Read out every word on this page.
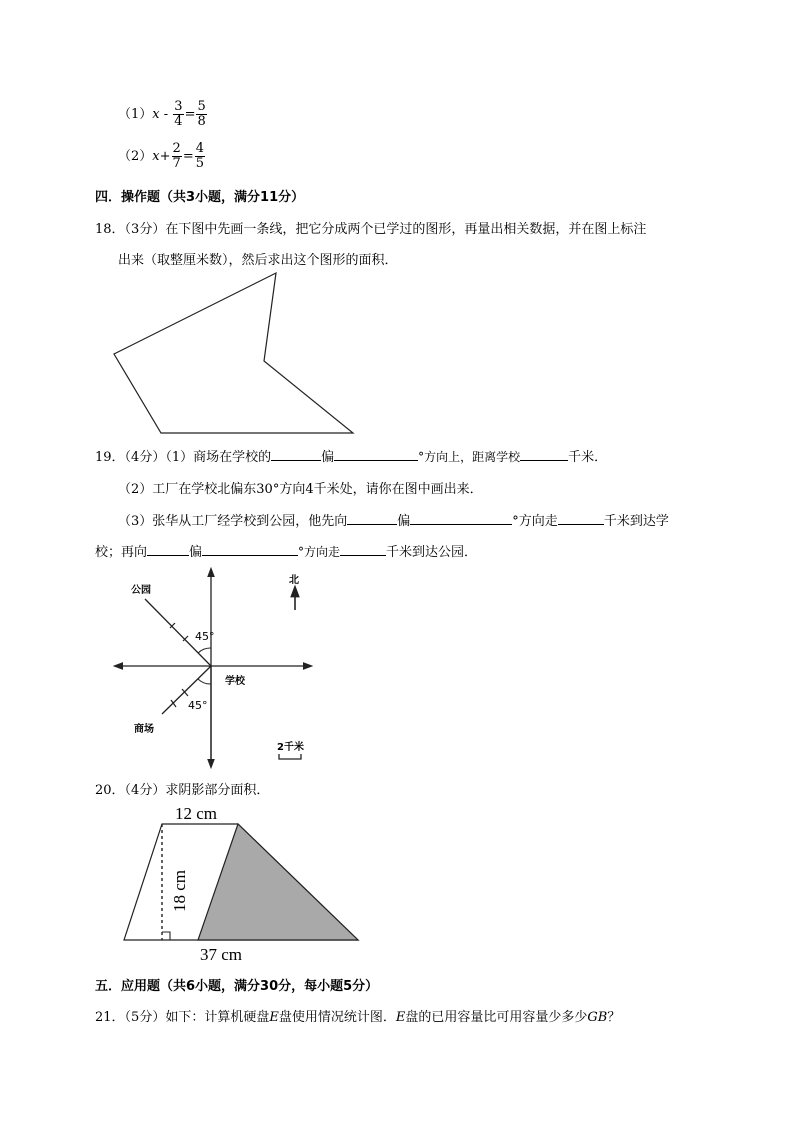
$(1)x - \frac{3}{4} = \frac{5}{8}$
$(2)x+ \frac{2}{7} = \frac{4}{5}$
四．操作题（共3小题，满分11分）
18．（3分）在下图中先画一条线，把它分成两个已学过的图形，再量出相关数据，并在图上标注
出来（取整厘米数），然后求出这个图形的面积．
19．（4分）（1）商场在学校的	偏	°方向上，距离学校	千米．
（2）工厂在学校北偏东30°方向4千米处，请你在图中画出来．
（3）张华从工厂经学校到公园，他先向	偏	°方向走	千米到达学
校；再向	偏	°方向走	千米到达公园．
公园
45°
学校
45°
商场
北
2千米
20．（4分）求阴影部分面积．
12 cm
18 cm
37 cm
五．应用题（共6小题，满分30分，每小题5分）
21．（5分）如下：计算机硬盘E盘使用情况统计图．E盘的已用容量比可用容量少多少GB？
